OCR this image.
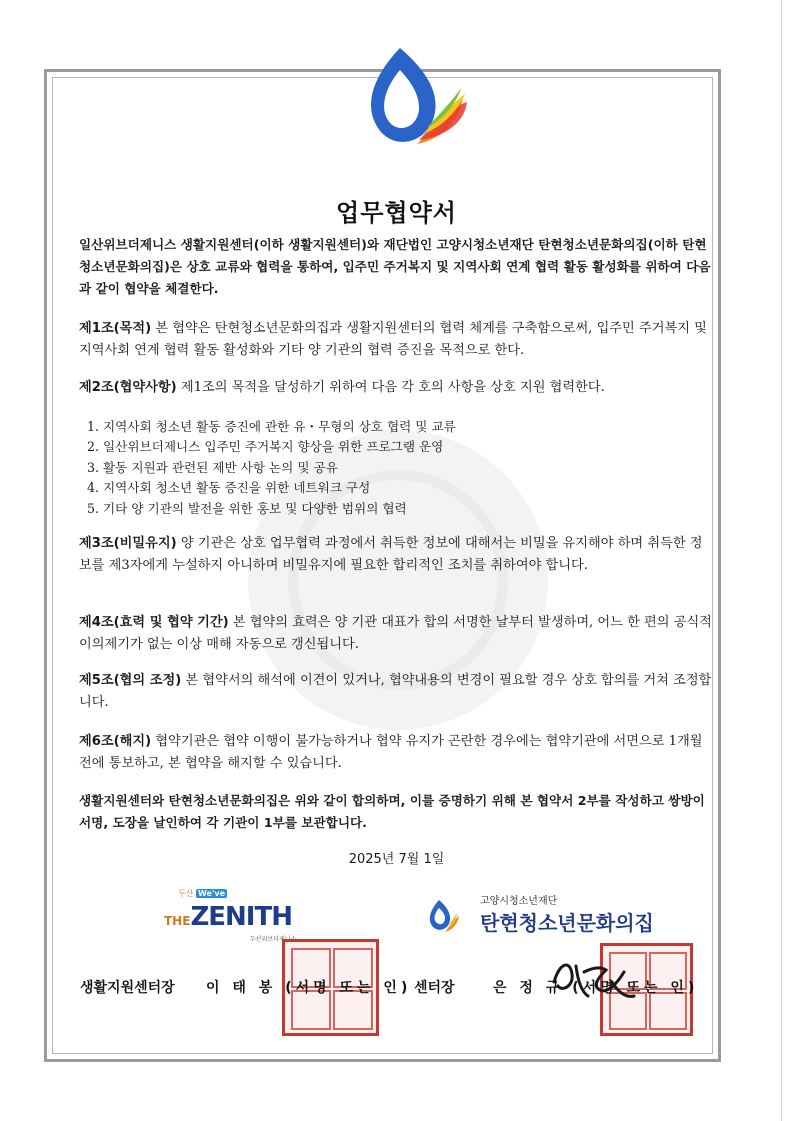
업무협약서
일산위브더제니스 생활지원센터(이하 생활지원센터)와 재단법인 고양시청소년재단 탄현청소년문화의집(이하 탄현청소년문화의집)은 상호 교류와 협력을 통하여, 입주민 주거복지 및 지역사회 연계 협력 활동 활성화를 위하여 다음과 같이 협약을 체결한다.
제1조(목적) 본 협약은 탄현청소년문화의집과 생활지원센터의 협력 체계를 구축함으로써, 입주민 주거복지 및 지역사회 연계 협력 활동 활성화와 기타 양 기관의 협력 증진을 목적으로 한다.
제2조(협약사항) 제1조의 목적을 달성하기 위하여 다음 각 호의 사항을 상호 지원 협력한다.
1. 지역사회 청소년 활동 증진에 관한 유・무형의 상호 협력 및 교류
2. 일산위브더제니스 입주민 주거복지 향상을 위한 프로그램 운영
3. 활동 지원과 관련된 제반 사항 논의 및 공유
4. 지역사회 청소년 활동 증진을 위한 네트워크 구성
5. 기타 양 기관의 발전을 위한 홍보 및 다양한 범위의 협력
제3조(비밀유지) 양 기관은 상호 업무협력 과정에서 취득한 정보에 대해서는 비밀을 유지해야 하며 취득한 정보를 제3자에게 누설하지 아니하며 비밀유지에 필요한 합리적인 조치를 취하여야 합니다.
제4조(효력 및 협약 기간) 본 협약의 효력은 양 기관 대표가 합의 서명한 날부터 발생하며, 어느 한 편의 공식적 이의제기가 없는 이상 매해 자동으로 갱신됩니다.
제5조(협의 조정) 본 협약서의 해석에 이견이 있거나, 협약내용의 변경이 필요할 경우 상호 합의를 거쳐 조정합니다.
제6조(해지) 협약기관은 협약 이행이 불가능하거나 협약 유지가 곤란한 경우에는 협약기관에 서면으로 1개월 전에 통보하고, 본 협약을 해지할 수 있습니다.
생활지원센터와 탄현청소년문화의집은 위와 같이 합의하며, 이를 증명하기 위해 본 협약서 2부를 작성하고 쌍방이 서명, 도장을 날인하여 각 기관이 1부를 보관합니다.
2025년 7월 1일
두산 We've
THEZENITH
두산위브더제니스
고양시청소년재단
탄현청소년문화의집
생활지원센터장 이 태 봉 (서명 또는 인) 센터장	은 정 규 (서명 또는 인)
